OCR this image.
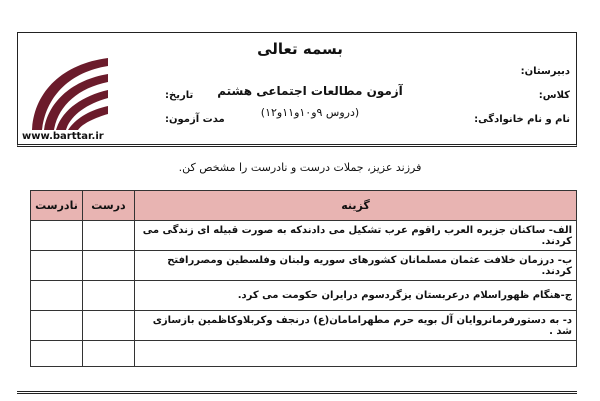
بسمه تعالی
آزمون مطالعات اجتماعی هشتم
(دروس ۹و۱۰و۱۱و۱۲)
دبیرستان:
کلاس:
نام و نام خانوادگی:
تاریخ:
مدت آزمون:
www.barttar.ir
فرزند عزیز، جملات درست و نادرست را مشخص کن.
گزینه	درست	نادرست
الف- ساکنان جزیره العرب راقوم عرب تشکیل می دادندکه به صورت قبیله ای زندگی می کردند.		
ب- درزمان خلافت عثمان مسلمانان کشورهای سوریه ولبنان وفلسطین ومصررافتح کردند.		
ج-هنگام ظهوراسلام درعربستان یزگردسوم درایران حکومت می کرد.		
د- به دستورفرمانروایان آل بویه حرم مطهرامامان(ع) درنجف وکربلاوکاظمین بازسازی شد .		
